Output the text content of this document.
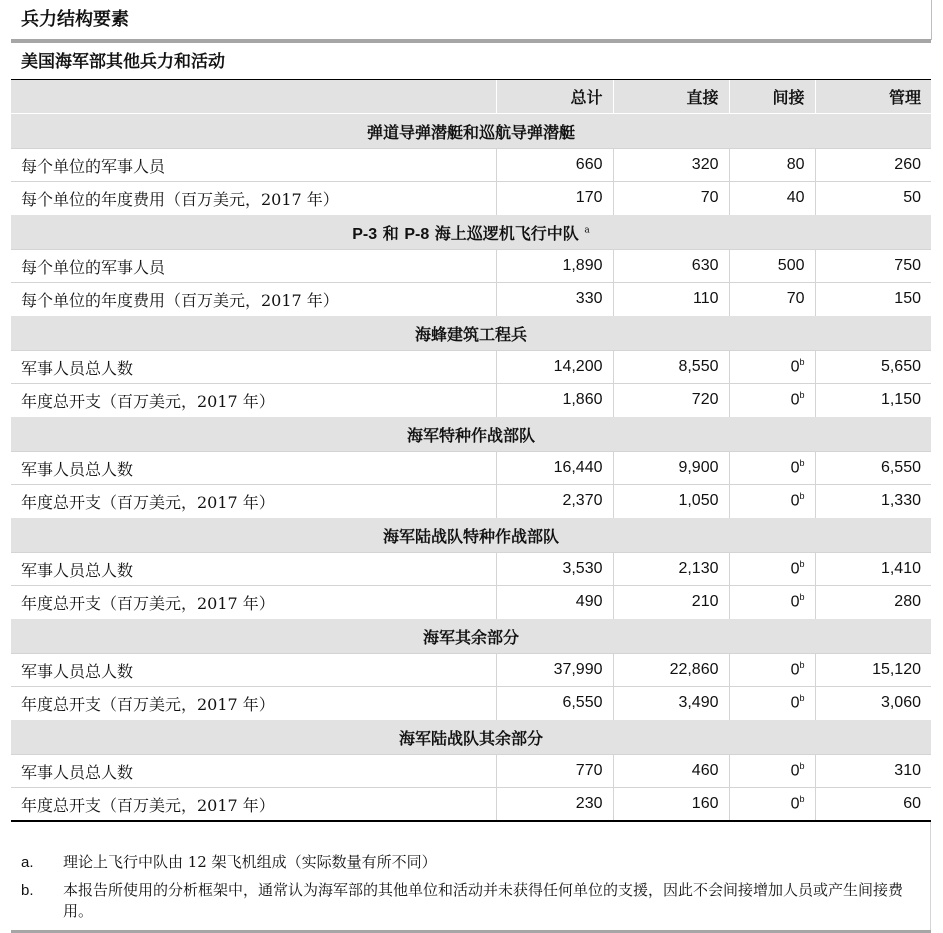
兵力结构要素
美国海军部其他兵力和活动
	总计	直接	间接	管理
弹道导弹潜艇和巡航导弹潜艇				
每个单位的军事人员	660	320	80	260
每个单位的年度费用（百万美元，2017 年）	170	70	40	50
P-3 和 P-8 海上巡逻机飞行中队 $^a$
每个单位的军事人员	1,890	630	500	750
每个单位的年度费用（百万美元，2017 年）	330	110	70	150
海蜂建筑工程兵				
军事人员总人数	14,200	8,550	0$^b$	5,650
年度总开支（百万美元，2017 年）	1,860	720	0$^b$	1,150
海军特种作战部队				
军事人员总人数	16,440	9,900	0$^b$	6,550
年度总开支（百万美元，2017 年）	2,370	1,050	0$^b$	1,330
海军陆战队特种作战部队				
军事人员总人数	3,530	2,130	0$^b$	1,410
年度总开支（百万美元，2017 年）	490	210	0$^b$	280
海军其余部分				
军事人员总人数	37,990	22,860	0$^b$	15,120
年度总开支（百万美元，2017 年）	6,550	3,490	0$^b$	3,060
海军陆战队其余部分				
军事人员总人数	770	460	0$^b$	310
年度总开支（百万美元，2017 年）	230	160	0$^b$	60
a. 理论上飞行中队由 12 架飞机组成（实际数量有所不同）
b. 本报告所使用的分析框架中，通常认为海军部的其他单位和活动并未获得任何单位的支援，因此不会间接增加人员或产生间接费用。
